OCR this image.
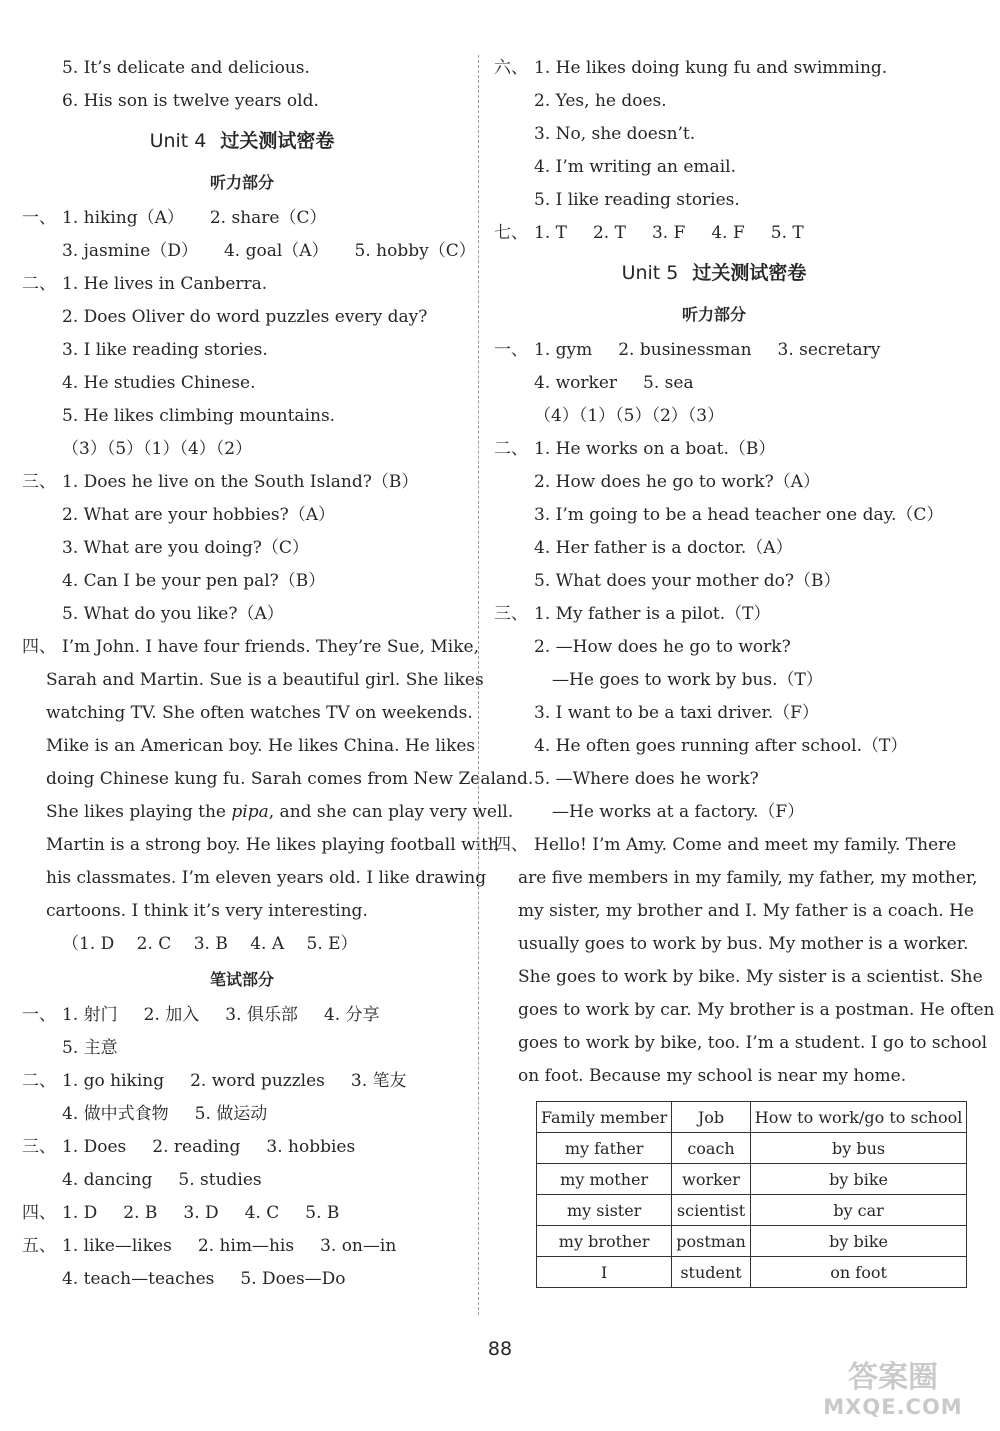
5. It’s delicate and delicious.
6. His son is twelve years old.
Unit 4 过关测试密卷
听力部分
一、 1. hiking（A） 2. share（C）
3. jasmine（D） 4. goal（A） 5. hobby（C）
二、 1. He lives in Canberra.
2. Does Oliver do word puzzles every day?
3. I like reading stories.
4. He studies Chinese.
5. He likes climbing mountains.
（3）（5）（1）（4）（2）
三、 1. Does he live on the South Island?（B）
2. What are your hobbies?（A）
3. What are you doing?（C）
4. Can I be your pen pal?（B）
5. What do you like?（A）
四、 I’m John. I have four friends. They’re Sue, Mike,
Sarah and Martin. Sue is a beautiful girl. She likes
watching TV. She often watches TV on weekends.
Mike is an American boy. He likes China. He likes
doing Chinese kung fu. Sarah comes from New Zealand.
She likes playing the pipa, and she can play very well.
Martin is a strong boy. He likes playing football with
his classmates. I’m eleven years old. I like drawing
cartoons. I think it’s very interesting.
（1. D　 2. C　 3. B　 4. A　 5. E）
笔试部分
一、 1. 射门 2. 加入 3. 俱乐部 4. 分享
5. 主意
二、 1. go hiking 2. word puzzles 3. 笔友
4. 做中式食物 5. 做运动
三、 1. Does 2. reading 3. hobbies
4. dancing 5. studies
四、 1. D 2. B 3. D 4. C 5. B
五、 1. like—likes 2. him—his 3. on—in
4. teach—teaches 5. Does—Do
六、 1. He likes doing kung fu and swimming.
2. Yes, he does.
3. No, she doesn’t.
4. I’m writing an email.
5. I like reading stories.
七、 1. T 2. T 3. F 4. F 5. T
Unit 5 过关测试密卷
听力部分
一、 1. gym 2. businessman 3. secretary
4. worker 5. sea
（4）（1）（5）（2）（3）
二、 1. He works on a boat.（B）
2. How does he go to work?（A）
3. I’m going to be a head teacher one day.（C）
4. Her father is a doctor.（A）
5. What does your mother do?（B）
三、 1. My father is a pilot.（T）
2. —How does he go to work?
—He goes to work by bus.（T）
3. I want to be a taxi driver.（F）
4. He often goes running after school.（T）
5. —Where does he work?
—He works at a factory.（F）
四、 Hello! I’m Amy. Come and meet my family. There
are five members in my family, my father, my mother,
my sister, my brother and I. My father is a coach. He
usually goes to work by bus. My mother is a worker.
She goes to work by bike. My sister is a scientist. She
goes to work by car. My brother is a postman. He often
goes to work by bike, too. I’m a student. I go to school
on foot. Because my school is near my home.
Family member	Job	How to work/go to school
my father	coach	by bus
my mother	worker	by bike
my sister	scientist	by car
my brother	postman	by bike
I	student	on foot
88
答案圈
MXQE.COM
